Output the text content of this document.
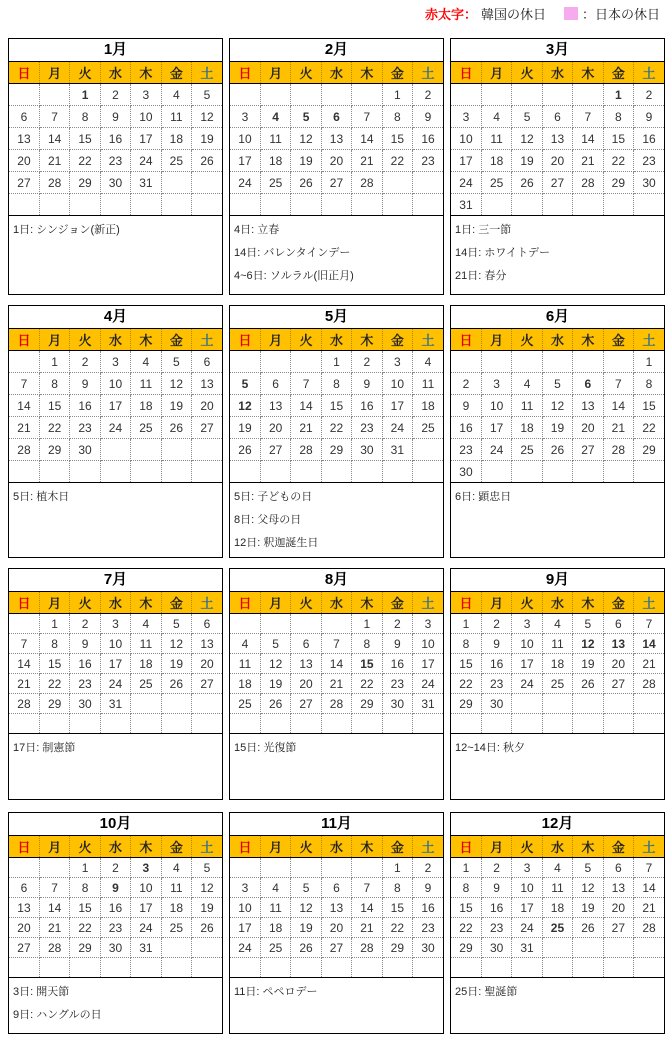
赤太字： 韓国の休日	：日本の休日
1月
日	月	火	水	木	金	土
		1	2	3	4	5
6	7	8	9	10	11	12
13	14	15	16	17	18	19
20	21	22	23	24	25	26
27	28	29	30	31		

1日: シンジョン(新正)
2月
日	月	火	水	木	金	土
					1	2
3	4	5	6	7	8	9
10	11	12	13	14	15	16
17	18	19	20	21	22	23
24	25	26	27	28		

4日: 立春
14日: バレンタインデー
4~6日: ソルラル(旧正月)
3月
日	月	火	水	木	金	土
					1	2
3	4	5	6	7	8	9
10	11	12	13	14	15	16
17	18	19	20	21	22	23
24	25	26	27	28	29	30
31						
1日: 三一節
14日: ホワイトデー
21日: 春分
4月
日	月	火	水	木	金	土
	1	2	3	4	5	6
7	8	9	10	11	12	13
14	15	16	17	18	19	20
21	22	23	24	25	26	27
28	29	30				

5日: 植木日
5月
日	月	火	水	木	金	土
			1	2	3	4
5	6	7	8	9	10	11
12	13	14	15	16	17	18
19	20	21	22	23	24	25
26	27	28	29	30	31	

5日: 子どもの日
8日: 父母の日
12日: 釈迦誕生日
6月
日	月	火	水	木	金	土
						1
2	3	4	5	6	7	8
9	10	11	12	13	14	15
16	17	18	19	20	21	22
23	24	25	26	27	28	29
30						
6日: 顕忠日
7月
日	月	火	水	木	金	土
	1	2	3	4	5	6
7	8	9	10	11	12	13
14	15	16	17	18	19	20
21	22	23	24	25	26	27
28	29	30	31			

17日: 制憲節
8月
日	月	火	水	木	金	土
				1	2	3
4	5	6	7	8	9	10
11	12	13	14	15	16	17
18	19	20	21	22	23	24
25	26	27	28	29	30	31

15日: 光復節
9月
日	月	火	水	木	金	土
1	2	3	4	5	6	7
8	9	10	11	12	13	14
15	16	17	18	19	20	21
22	23	24	25	26	27	28
29	30					

12~14日: 秋夕
10月
日	月	火	水	木	金	土
		1	2	3	4	5
6	7	8	9	10	11	12
13	14	15	16	17	18	19
20	21	22	23	24	25	26
27	28	29	30	31		

3日: 開天節
9日: ハングルの日
11月
日	月	火	水	木	金	土
					1	2
3	4	5	6	7	8	9
10	11	12	13	14	15	16
17	18	19	20	21	22	23
24	25	26	27	28	29	30

11日: ペペロデー
12月
日	月	火	水	木	金	土
1	2	3	4	5	6	7
8	9	10	11	12	13	14
15	16	17	18	19	20	21
22	23	24	25	26	27	28
29	30	31				

25日: 聖誕節
